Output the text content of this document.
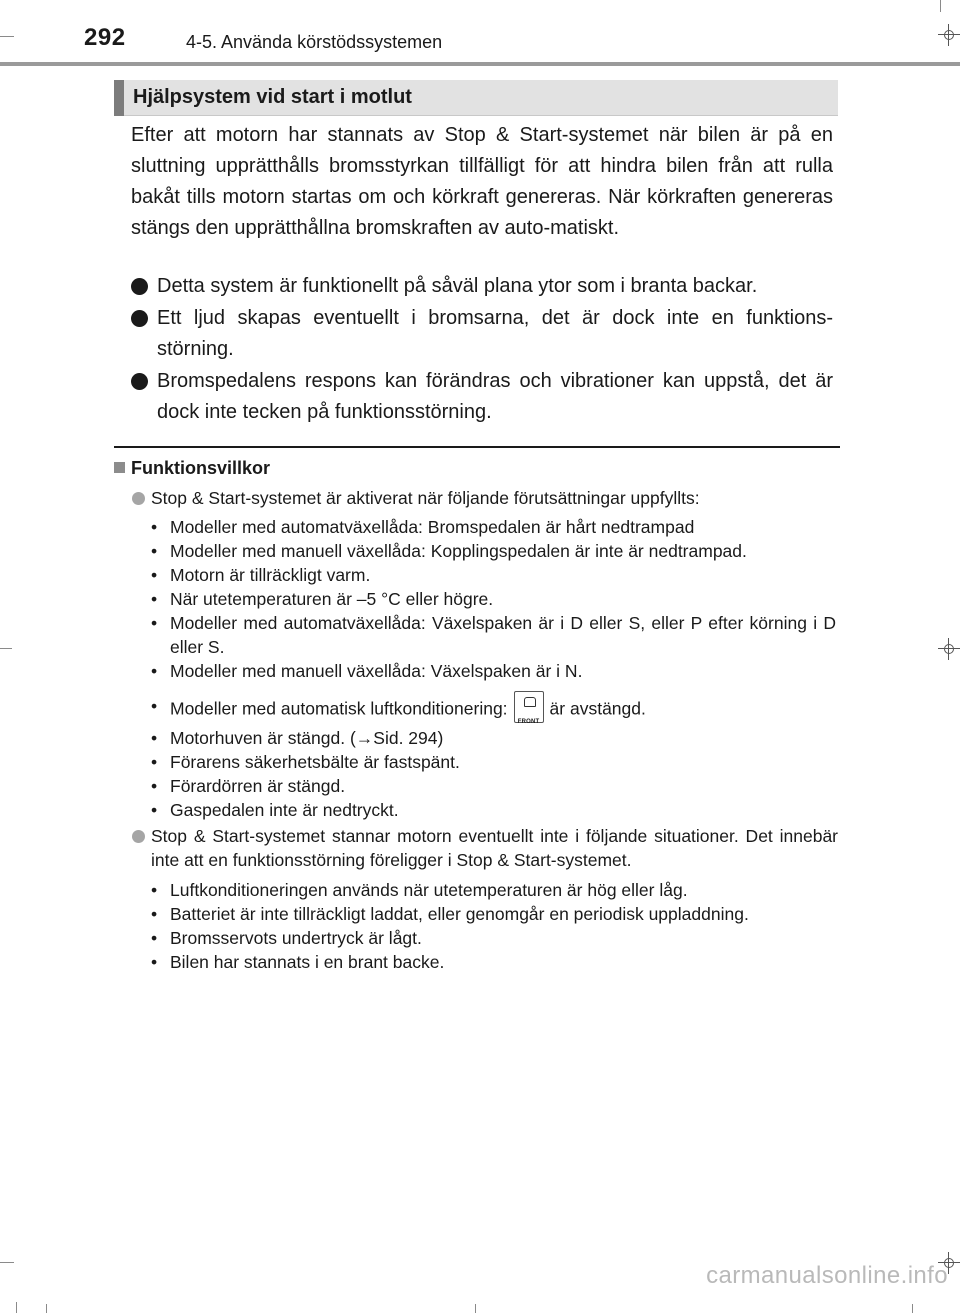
292	4-5. Använda körstödssystemen
Hjälpsystem vid start i motlut

Efter att motorn har stannats av Stop & Start-systemet när bilen är på en sluttning upprätthålls bromsstyrkan tillfälligt för att hindra bilen från att rulla bakåt tills motorn startas om och körkraft genereras. När körkraften genereras stängs den upprätthållna bromskraften av auto-matiskt.

Detta system är funktionellt på såväl plana ytor som i branta backar.
Ett ljud skapas eventuellt i bromsarna, det är dock inte en funktions-störning.
Bromspedalens respons kan förändras och vibrationer kan uppstå, det är dock inte tecken på funktionsstörning.
Funktionsvillkor
Stop & Start-systemet är aktiverat när följande förutsättningar uppfyllts:
• Modeller med automatväxellåda: Bromspedalen är hårt nedtrampad
• Modeller med manuell växellåda: Kopplingspedalen är inte är nedtrampad.
• Motorn är tillräckligt varm.
• När utetemperaturen är –5 °C eller högre.
• Modeller med automatväxellåda: Växelspaken är i D eller S, eller P efter körning i D eller S.
• Modeller med manuell växellåda: Växelspaken är i N.
• Modeller med automatisk luftkonditionering:
FRONT
är avstängd.
• Motorhuven är stängd. (→Sid. 294)
• Förarens säkerhetsbälte är fastspänt.
• Förardörren är stängd.
• Gaspedalen inte är nedtryckt.
Stop & Start-systemet stannar motorn eventuellt inte i följande situationer. Det innebär inte att en funktionsstörning föreligger i Stop & Start-systemet.
• Luftkonditioneringen används när utetemperaturen är hög eller låg.
• Batteriet är inte tillräckligt laddat, eller genomgår en periodisk uppladdning.
• Bromsservots undertryck är lågt.
• Bilen har stannats i en brant backe.
carmanualsonline.info
